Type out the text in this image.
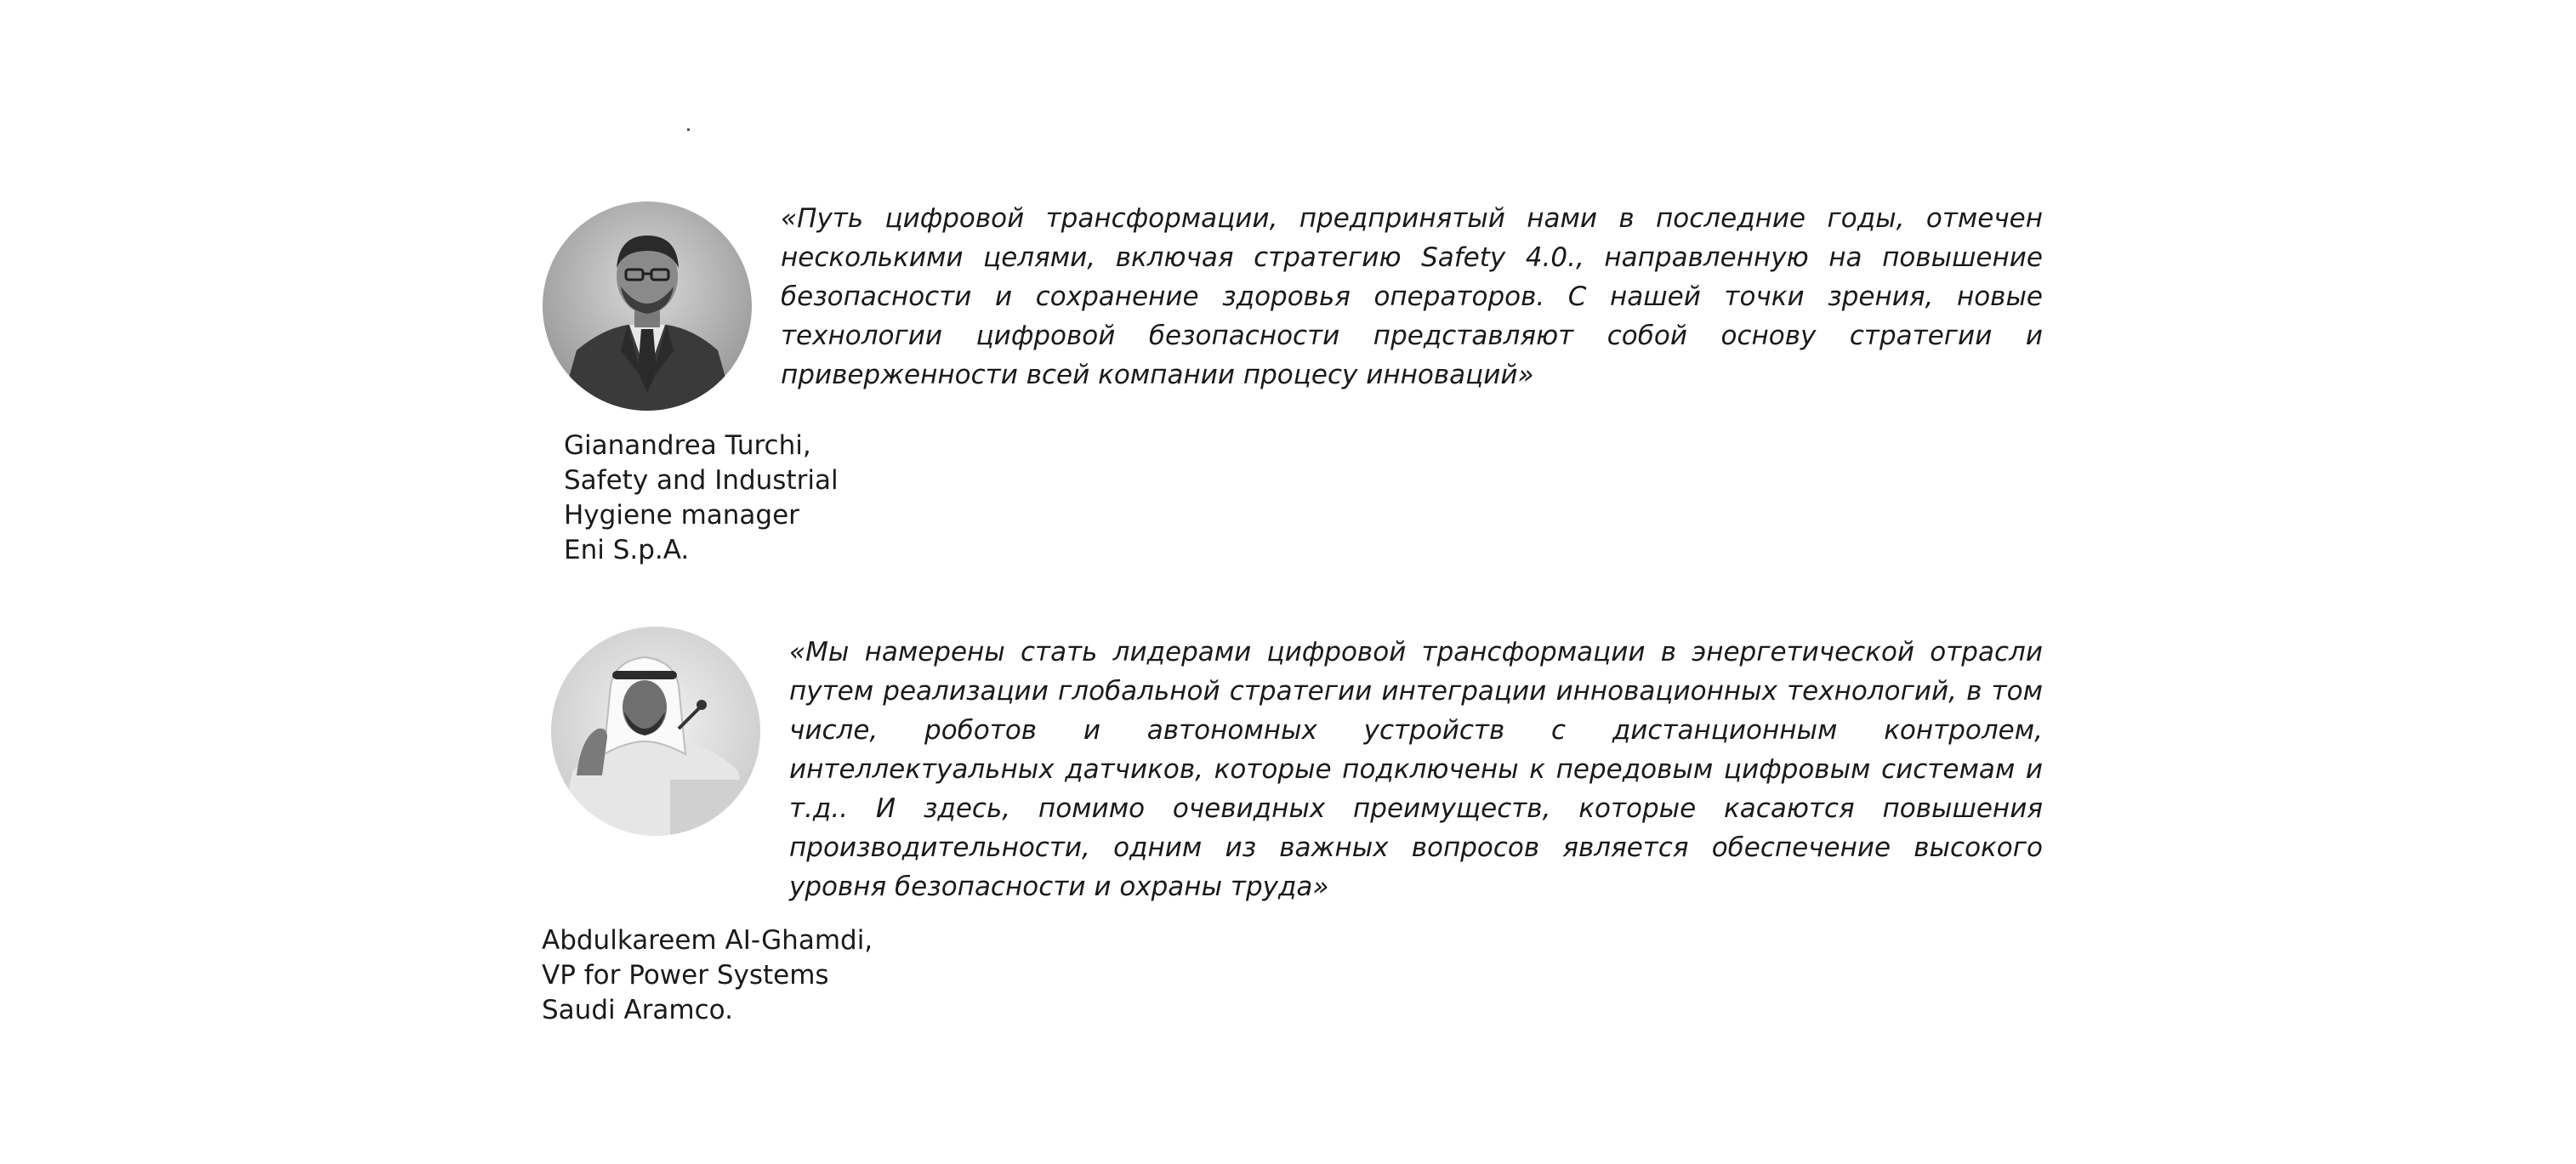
«Путь цифровой трансформации, предпринятый нами в последние годы, отмечен несколькими целями, включая стратегию Safety 4.0., направленную на повышение безопасности и сохранение здоровья операторов. С нашей точки зрения, новые технологии цифровой безопасности представляют собой основу стратегии и приверженности всей компании процесу инноваций»

Gianandrea Turchi,
Safety and Industrial
Hygiene manager
Eni S.p.A.

«Мы намерены стать лидерами цифровой трансформации в энергетической отрасли путем реализации глобальной стратегии интеграции инновационных технологий, в том числе, роботов и автономных устройств с дистанционным контролем, интеллектуальных датчиков, которые подключены к передовым цифровым системам и т.д.. И здесь, помимо очевидных преимуществ, которые касаются повышения производительности, одним из важных вопросов является обеспечение высокого уровня безопасности и охраны труда»

Abdulkareem AI-Ghamdi,
VP for Power Systems
Saudi Aramco.
